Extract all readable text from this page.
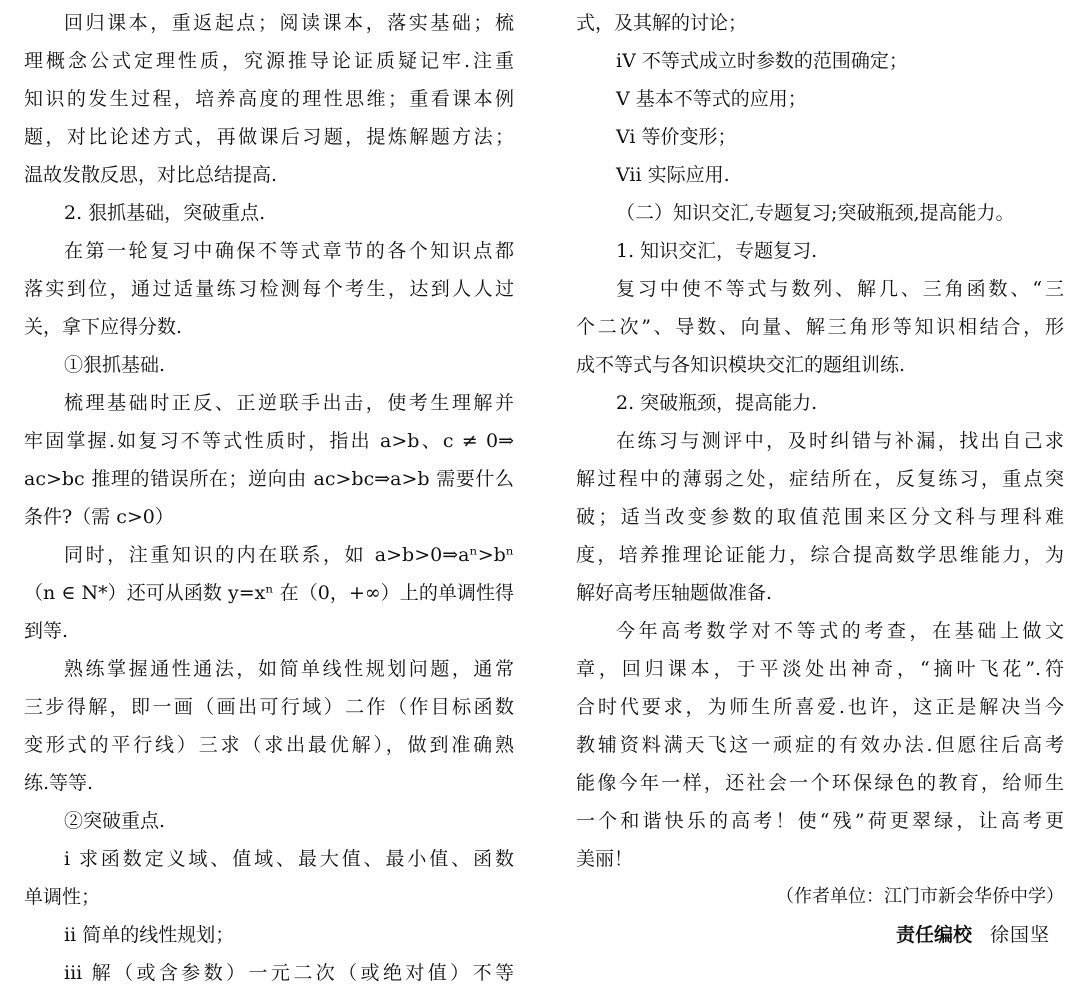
回归课本，重返起点；阅读课本，落实基础；梳
理概念公式定理性质，究源推导论证质疑记牢.注重
知识的发生过程，培养高度的理性思维；重看课本例
题，对比论述方式，再做课后习题，提炼解题方法；
温故发散反思，对比总结提高.
2. 狠抓基础，突破重点.
在第一轮复习中确保不等式章节的各个知识点都
落实到位，通过适量练习检测每个考生，达到人人过
关，拿下应得分数.
①狠抓基础.
梳理基础时正反、正逆联手出击，使考生理解并
牢固掌握.如复习不等式性质时，指出 a>b、c ≠ 0⇒
ac>bc 推理的错误所在；逆向由 ac>bc⇒a>b 需要什么
条件?（需 c>0）
同时，注重知识的内在联系，如 a>b>0⇒aⁿ>bⁿ
（n ∈ N*）还可从函数 y=xⁿ 在（0，+∞）上的单调性得
到等.
熟练掌握通性通法，如简单线性规划问题，通常
三步得解，即一画（画出可行域）二作（作目标函数
变形式的平行线）三求（求出最优解），做到准确熟
练.等等.
②突破重点.
i 求函数定义域、值域、最大值、最小值、函数
单调性；
ii 简单的线性规划；
iii 解（或含参数）一元二次（或绝对值）不等
式，及其解的讨论；
iV 不等式成立时参数的范围确定；
V 基本不等式的应用；
Vi 等价变形；
Vii 实际应用.
（二）知识交汇,专题复习;突破瓶颈,提高能力。
1. 知识交汇，专题复习.
复习中使不等式与数列、解几、三角函数、“三
个二次”、导数、向量、解三角形等知识相结合，形
成不等式与各知识模块交汇的题组训练.
2. 突破瓶颈，提高能力.
在练习与测评中，及时纠错与补漏，找出自己求
解过程中的薄弱之处，症结所在，反复练习，重点突
破；适当改变参数的取值范围来区分文科与理科难
度，培养推理论证能力，综合提高数学思维能力，为
解好高考压轴题做准备.
今年高考数学对不等式的考查，在基础上做文
章，回归课本，于平淡处出神奇，“摘叶飞花”.符
合时代要求，为师生所喜爱.也许，这正是解决当今
教辅资料满天飞这一顽症的有效办法.但愿往后高考
能像今年一样，还社会一个环保绿色的教育，给师生
一个和谐快乐的高考！使“残”荷更翠绿，让高考更
美丽！
（作者单位：江门市新会华侨中学）
责任编校 徐国坚
